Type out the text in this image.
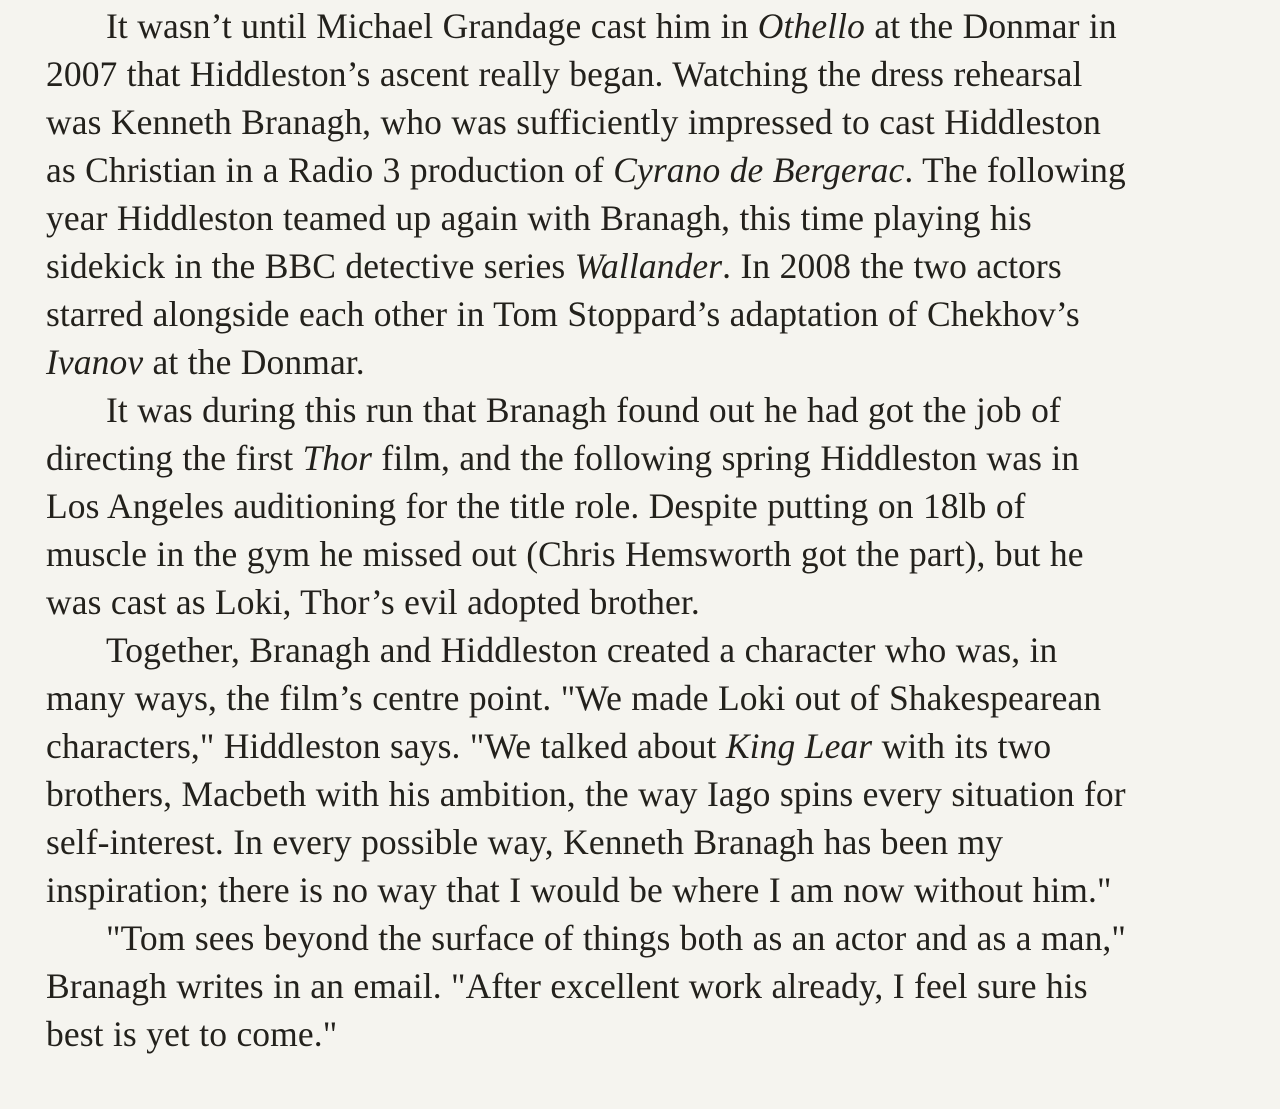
It wasn’t until Michael Grandage cast him in Othello at the Donmar in 2007 that Hiddleston’s ascent really began. Watching the dress rehearsal was Kenneth Branagh, who was sufficiently impressed to cast Hiddleston as Christian in a Radio 3 production of Cyrano de Bergerac. The following year Hiddleston teamed up again with Branagh, this time playing his sidekick in the BBC detective series Wallander. In 2008 the two actors starred alongside each other in Tom Stoppard’s adaptation of Chekhov’s Ivanov at the Donmar.

It was during this run that Branagh found out he had got the job of directing the first Thor film, and the following spring Hiddleston was in Los Angeles auditioning for the title role. Despite putting on 18lb of muscle in the gym he missed out (Chris Hemsworth got the part), but he was cast as Loki, Thor’s evil adopted brother.

Together, Branagh and Hiddleston created a character who was, in many ways, the film’s centre point. "We made Loki out of Shakespearean characters," Hiddleston says. "We talked about King Lear with its two brothers, Macbeth with his ambition, the way Iago spins every situation for self-interest. In every possible way, Kenneth Branagh has been my inspiration; there is no way that I would be where I am now without him."

"Tom sees beyond the surface of things both as an actor and as a man," Branagh writes in an email. "After excellent work already, I feel sure his best is yet to come."
